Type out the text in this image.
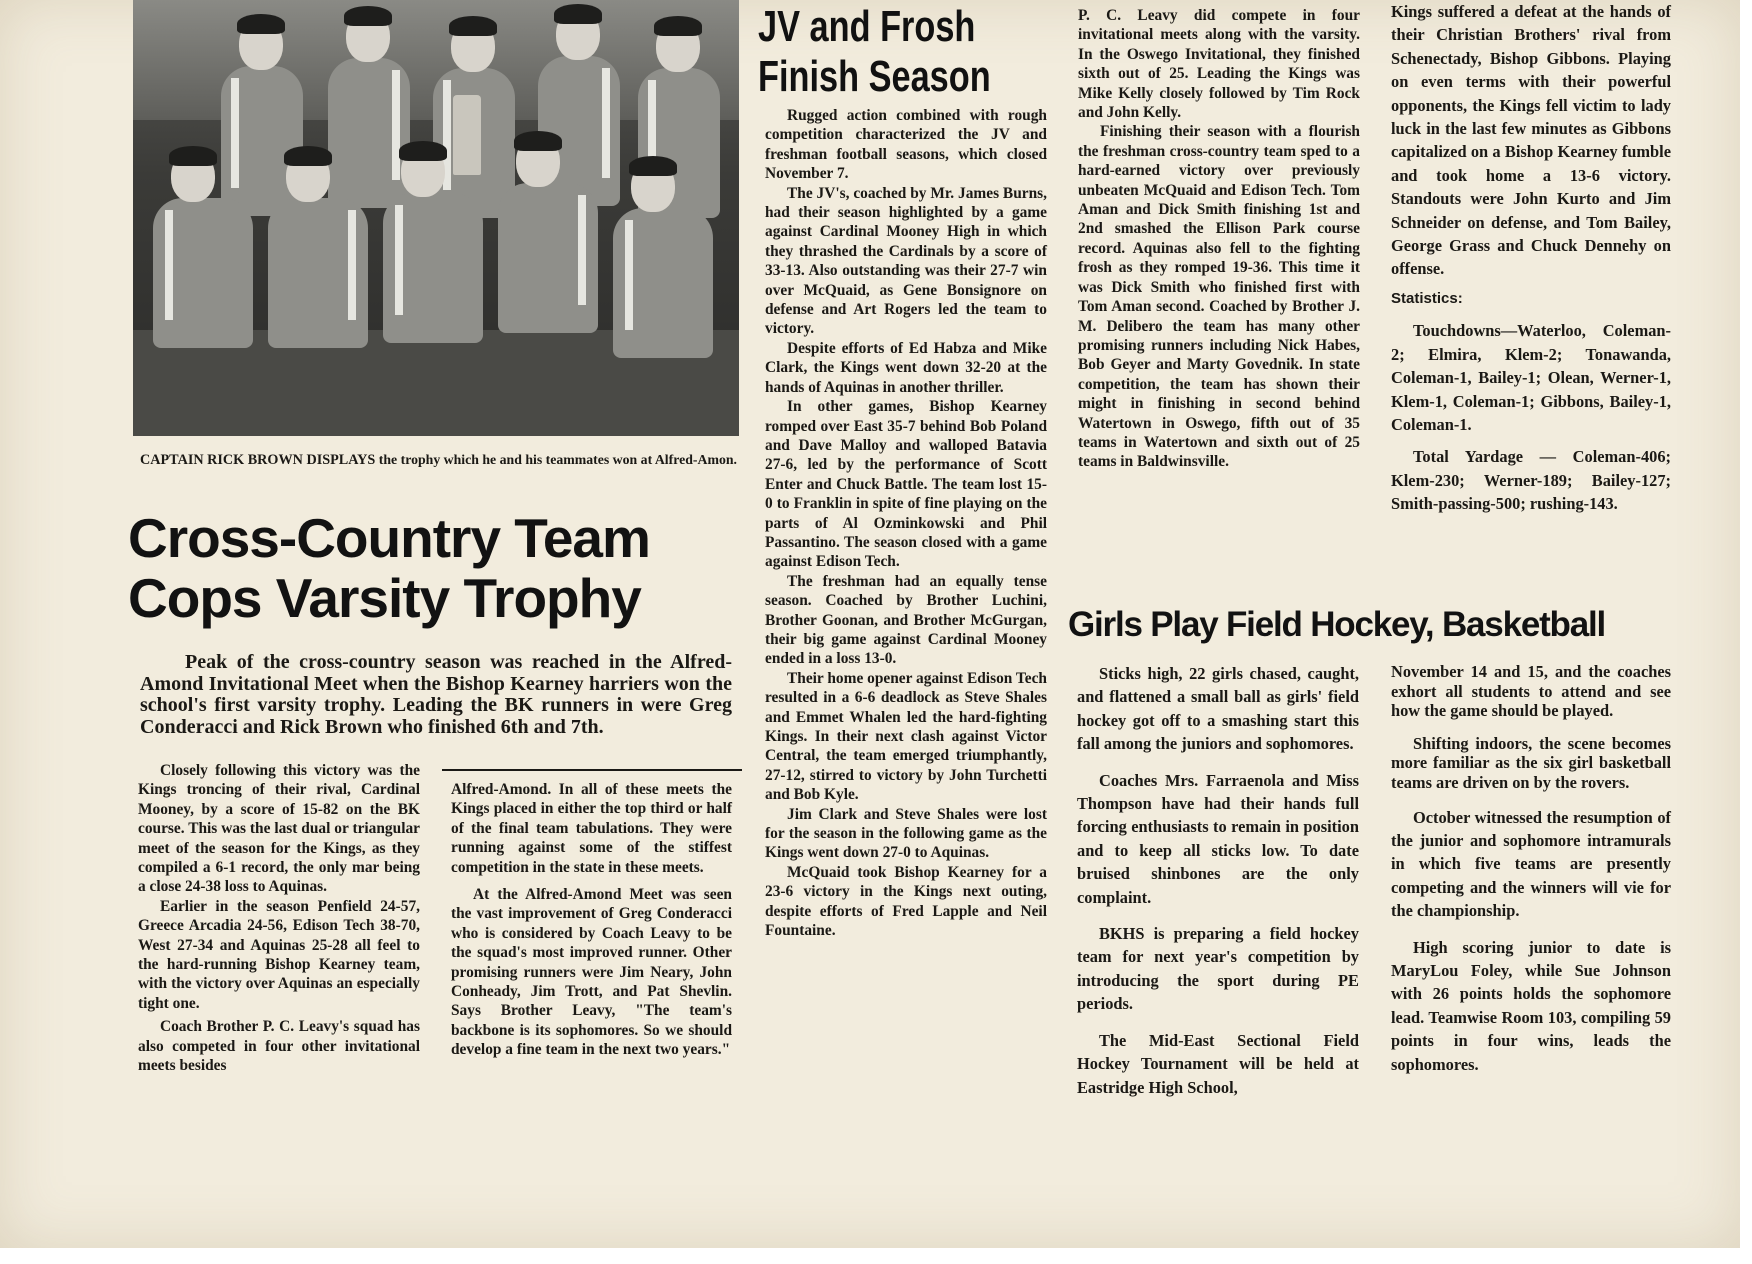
CAPTAIN RICK BROWN DISPLAYS the trophy which he and his teammates won at Alfred-Amon.
Cross-Country Team
Cops Varsity Trophy

Peak of the cross-country season was reached in the Alfred-Amond Invitational Meet when the Bishop Kearney harriers won the school's first varsity trophy. Leading the BK runners in were Greg Conderacci and Rick Brown who finished 6th and 7th.

Closely following this victory was the Kings troncing of their rival, Cardinal Mooney, by a score of 15-82 on the BK course. This was the last dual or triangular meet of the season for the Kings, as they compiled a 6-1 record, the only mar being a close 24-38 loss to Aquinas.

Earlier in the season Penfield 24-57, Greece Arcadia 24-56, Edison Tech 38-70, West 27-34 and Aquinas 25-28 all feel to the hard-running Bishop Kearney team, with the victory over Aquinas an especially tight one.

Coach Brother P. C. Leavy's squad has also competed in four other invitational meets besides

Alfred-Amond. In all of these meets the Kings placed in either the top third or half of the final team tabulations. They were running against some of the stiffest competition in the state in these meets.

At the Alfred-Amond Meet was seen the vast improvement of Greg Conderacci who is considered by Coach Leavy to be the squad's most improved runner. Other promising runners were Jim Neary, John Conheady, Jim Trott, and Pat Shevlin. Says Brother Leavy, "The team's backbone is its sophomores. So we should develop a fine team in the next two years."

JV and Frosh
Finish Season

Rugged action combined with rough competition characterized the JV and freshman football seasons, which closed November 7.

The JV's, coached by Mr. James Burns, had their season highlighted by a game against Cardinal Mooney High in which they thrashed the Cardinals by a score of 33-13. Also outstanding was their 27-7 win over McQuaid, as Gene Bonsignore on defense and Art Rogers led the team to victory.

Despite efforts of Ed Habza and Mike Clark, the Kings went down 32-20 at the hands of Aquinas in another thriller.

In other games, Bishop Kearney romped over East 35-7 behind Bob Poland and Dave Malloy and walloped Batavia 27-6, led by the performance of Scott Enter and Chuck Battle. The team lost 15-0 to Franklin in spite of fine playing on the parts of Al Ozminkowski and Phil Passantino. The season closed with a game against Edison Tech.

The freshman had an equally tense season. Coached by Brother Luchini, Brother Goonan, and Brother McGurgan, their big game against Cardinal Mooney ended in a loss 13-0.

Their home opener against Edison Tech resulted in a 6-6 deadlock as Steve Shales and Emmet Whalen led the hard-fighting Kings. In their next clash against Victor Central, the team emerged triumphantly, 27-12, stirred to victory by John Turchetti and Bob Kyle.

Jim Clark and Steve Shales were lost for the season in the following game as the Kings went down 27-0 to Aquinas.

McQuaid took Bishop Kearney for a 23-6 victory in the Kings next outing, despite efforts of Fred Lapple and Neil Fountaine.

P. C. Leavy did compete in four invitational meets along with the varsity. In the Oswego Invitational, they finished sixth out of 25. Leading the Kings was Mike Kelly closely followed by Tim Rock and John Kelly.

Finishing their season with a flourish the freshman cross-country team sped to a hard-earned victory over previously unbeaten McQuaid and Edison Tech. Tom Aman and Dick Smith finishing 1st and 2nd smashed the Ellison Park course record. Aquinas also fell to the fighting frosh as they romped 19-36. This time it was Dick Smith who finished first with Tom Aman second. Coached by Brother J. M. Delibero the team has many other promising runners including Nick Habes, Bob Geyer and Marty Govednik. In state competition, the team has shown their might in finishing in second behind Watertown in Oswego, fifth out of 35 teams in Watertown and sixth out of 25 teams in Baldwinsville.

Kings suffered a defeat at the hands of their Christian Brothers' rival from Schenectady, Bishop Gibbons. Playing on even terms with their powerful opponents, the Kings fell victim to lady luck in the last few minutes as Gibbons capitalized on a Bishop Kearney fumble and took home a 13-6 victory. Standouts were John Kurto and Jim Schneider on defense, and Tom Bailey, George Grass and Chuck Dennehy on offense.

Statistics:

Touchdowns—Waterloo, Coleman-2; Elmira, Klem-2; Tonawanda, Coleman-1, Bailey-1; Olean, Werner-1, Klem-1, Coleman-1; Gibbons, Bailey-1, Coleman-1.

Total Yardage — Coleman-406; Klem-230; Werner-189; Bailey-127; Smith-passing-500; rushing-143.

Girls Play Field Hockey, Basketball

Sticks high, 22 girls chased, caught, and flattened a small ball as girls' field hockey got off to a smashing start this fall among the juniors and sophomores.

Coaches Mrs. Farraenola and Miss Thompson have had their hands full forcing enthusiasts to remain in position and to keep all sticks low. To date bruised shinbones are the only complaint.

BKHS is preparing a field hockey team for next year's competition by introducing the sport during PE periods.

The Mid-East Sectional Field Hockey Tournament will be held at Eastridge High School,

November 14 and 15, and the coaches exhort all students to attend and see how the game should be played.

Shifting indoors, the scene becomes more familiar as the six girl basketball teams are driven on by the rovers.

October witnessed the resumption of the junior and sophomore intramurals in which five teams are presently competing and the winners will vie for the championship.

High scoring junior to date is MaryLou Foley, while Sue Johnson with 26 points holds the sophomore lead. Teamwise Room 103, compiling 59 points in four wins, leads the sophomores.
